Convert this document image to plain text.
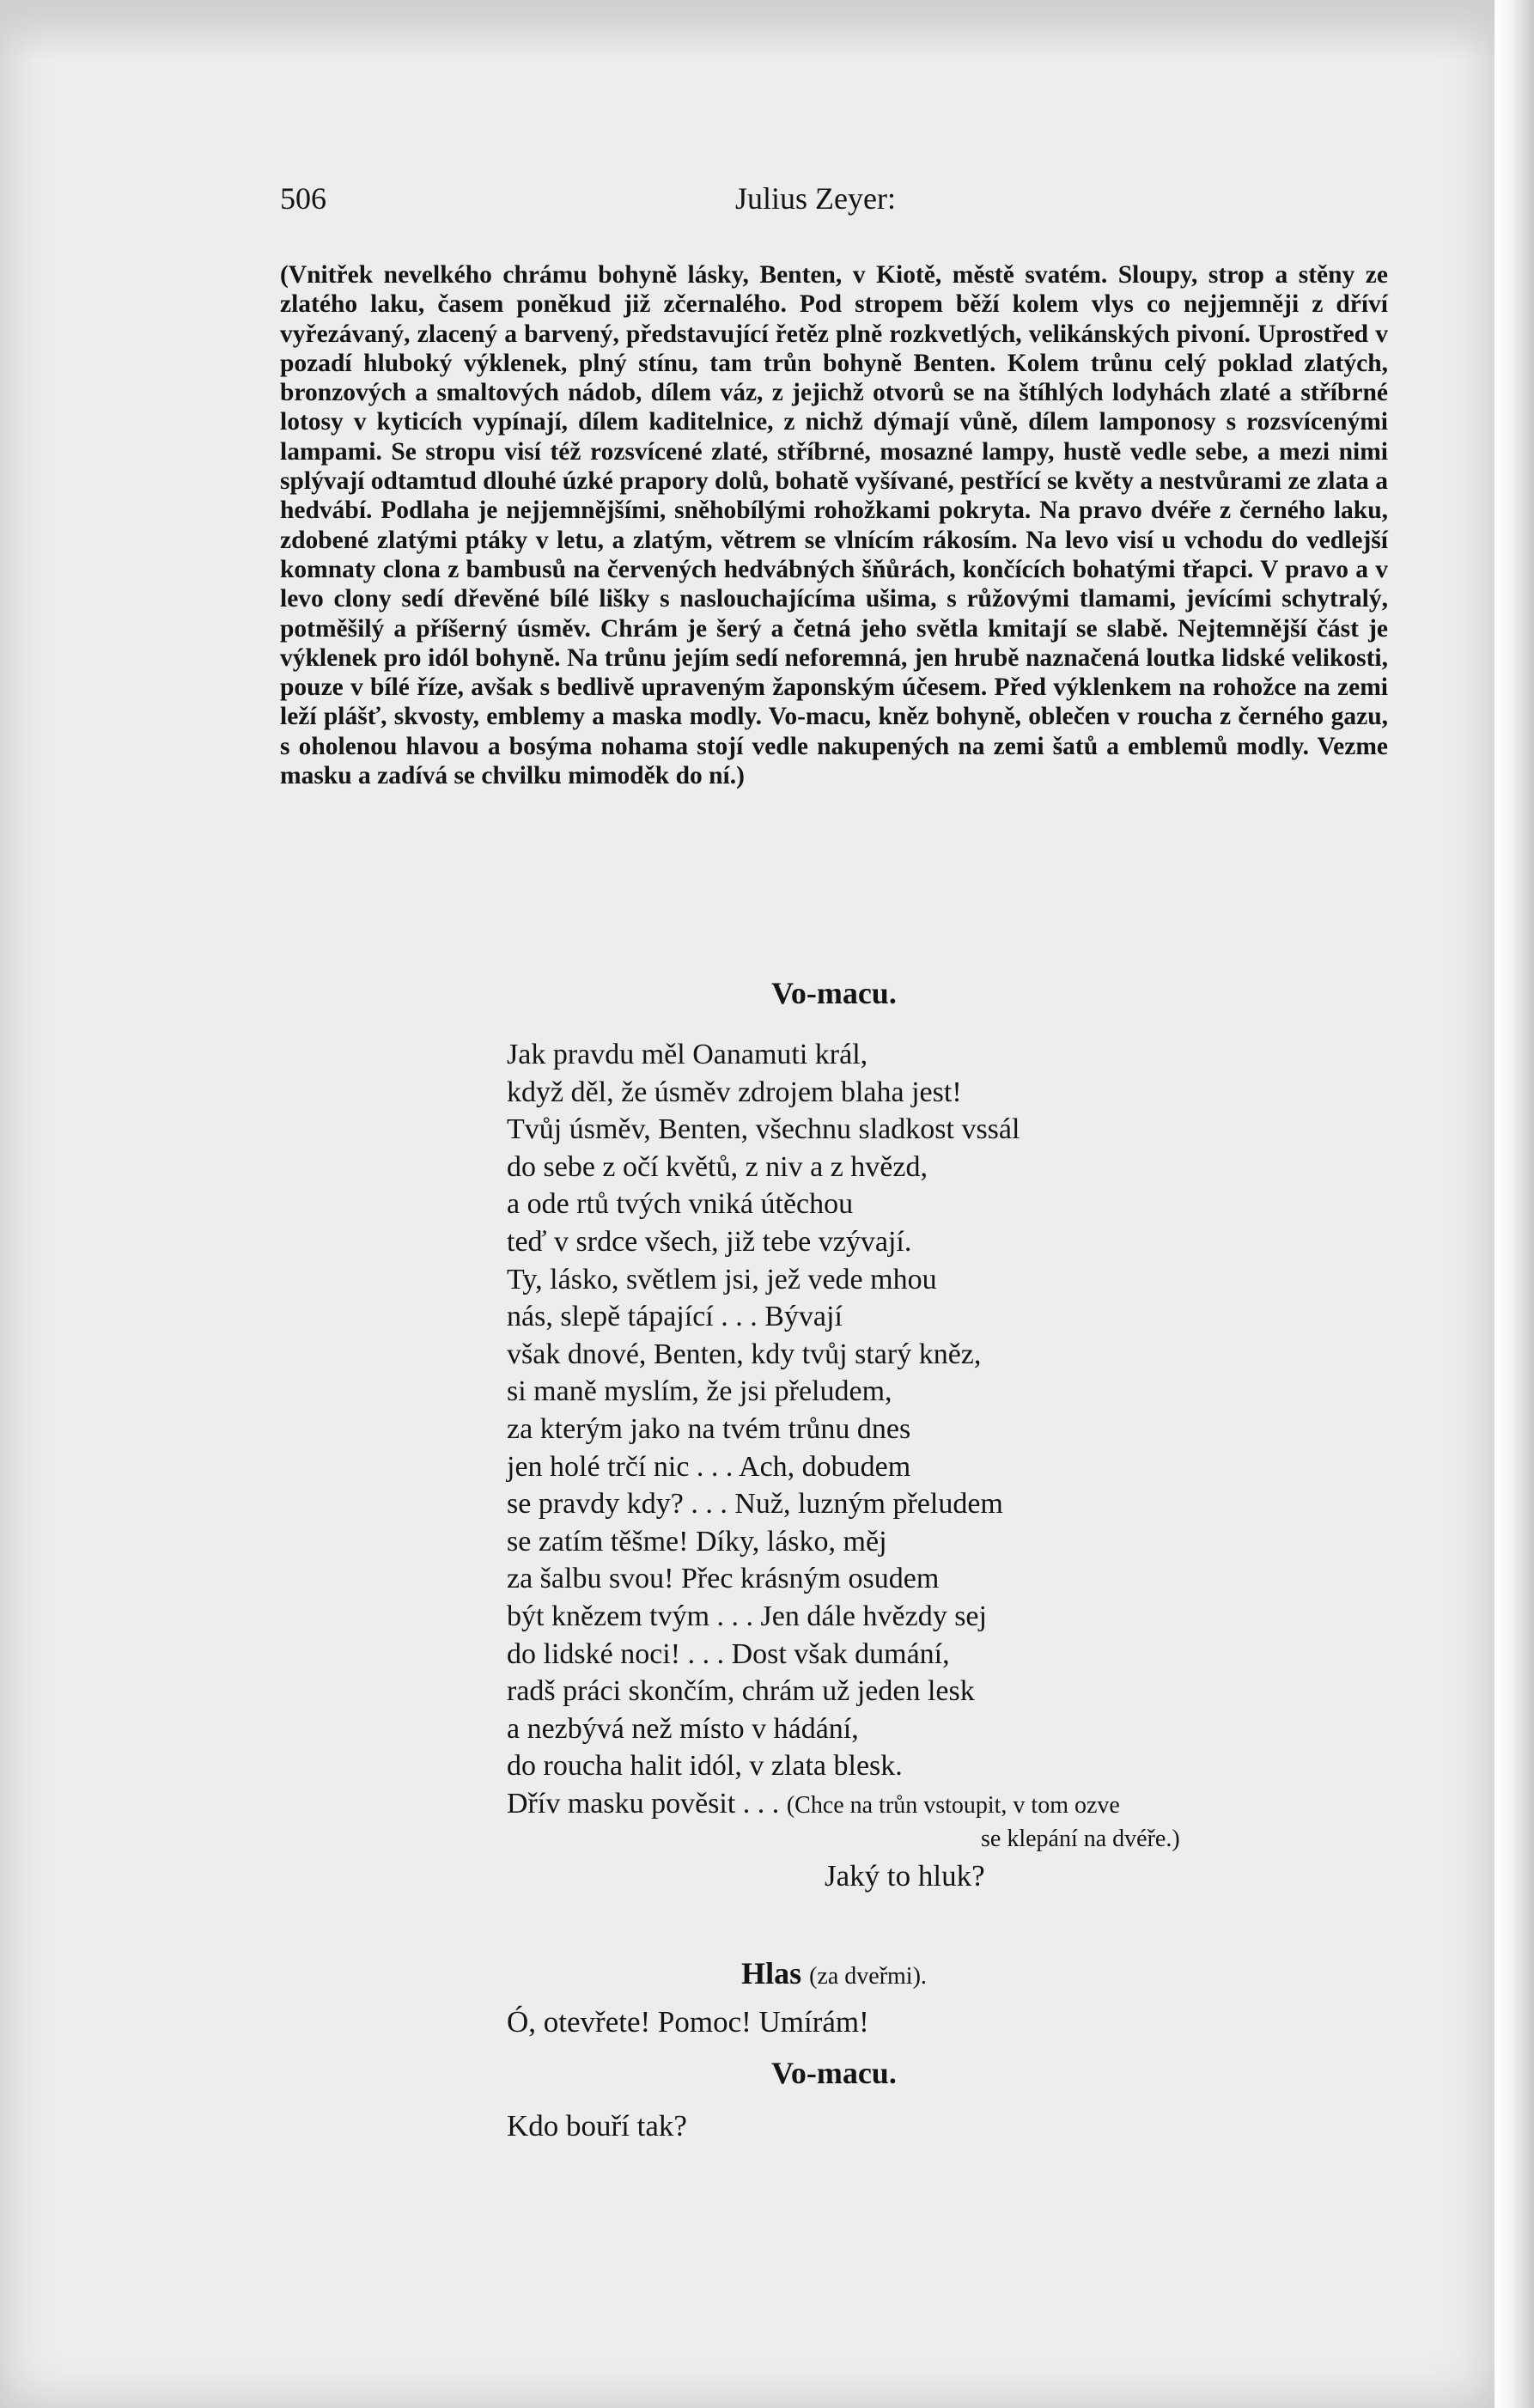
506	Julius Zeyer:
(Vnitřek nevelkého chrámu bohyně lásky, Benten, v Kiotě, městě svatém. Sloupy, strop a stěny ze zlatého laku, časem poněkud již zčernalého. Pod stropem běží kolem vlys co nejjemněji z dříví vyřezávaný, zlacený a barvený, představující řetěz plně rozkvetlých, velikánských pivoní. Uprostřed v pozadí hluboký výklenek, plný stínu, tam trůn bohyně Benten. Kolem trůnu celý poklad zlatých, bronzových a smaltových nádob, dílem váz, z jejichž otvorů se na štíhlých lodyhách zlaté a stříbrné lotosy v kyticích vypínají, dílem kaditelnice, z nichž dýmají vůně, dílem lamponosy s rozsvícenými lampami. Se stropu visí též rozsvícené zlaté, stříbrné, mosazné lampy, hustě vedle sebe, a mezi nimi splývají odtamtud dlouhé úzké prapory dolů, bohatě vyšívané, pestřící se květy a nestvůrami ze zlata a hedvábí. Podlaha je nejjemnějšími, sněhobílými rohožkami pokryta. Na pravo dvéře z černého laku, zdobené zlatými ptáky v letu, a zlatým, větrem se vlnícím rákosím. Na levo visí u vchodu do vedlejší komnaty clona z bambusů na červených hedvábných šňůrách, končících bohatými třapci. V pravo a v levo clony sedí dřevěné bílé lišky s naslouchajícíma ušima, s růžovými tlamami, jevícími schytralý, potměšilý a příšerný úsměv. Chrám je šerý a četná jeho světla kmitají se slabě. Nejtemnější část je výklenek pro idól bohyně. Na trůnu jejím sedí neforemná, jen hrubě naznačená loutka lidské velikosti, pouze v bílé říze, avšak s bedlivě upraveným žaponským účesem. Před výklenkem na rohožce na zemi leží plášť, skvosty, emblemy a maska modly. Vo-macu, kněz bohyně, oblečen v roucha z černého gazu, s oholenou hlavou a bosýma nohama stojí vedle nakupených na zemi šatů a emblemů modly. Vezme masku a zadívá se chvilku mimoděk do ní.)
Vo-macu.
Jak pravdu měl Oanamuti král,
když děl, že úsměv zdrojem blaha jest!
Tvůj úsměv, Benten, všechnu sladkost vssál
do sebe z očí květů, z niv a z hvězd,
a ode rtů tvých vniká útěchou
teď v srdce všech, již tebe vzývají.
Ty, lásko, světlem jsi, jež vede mhou
nás, slepě tápající . . . Bývají
však dnové, Benten, kdy tvůj starý kněz,
si maně myslím, že jsi přeludem,
za kterým jako na tvém trůnu dnes
jen holé trčí nic . . . Ach, dobudem
se pravdy kdy? . . . Nuž, luzným přeludem
se zatím těšme! Díky, lásko, měj
za šalbu svou! Přec krásným osudem
být knězem tvým . . . Jen dále hvězdy sej
do lidské noci! . . . Dost však dumání,
radš práci skončím, chrám už jeden lesk
a nezbývá než místo v hádání,
do roucha halit idól, v zlata blesk.
Dřív masku pověsit . . . (Chce na trůn vstoupit, v tom ozve
se klepání na dvéře.)
Jaký to hluk?
Hlas (za dveřmi).
Ó, otevřete! Pomoc! Umírám!
Vo-macu.
Kdo bouří tak?
